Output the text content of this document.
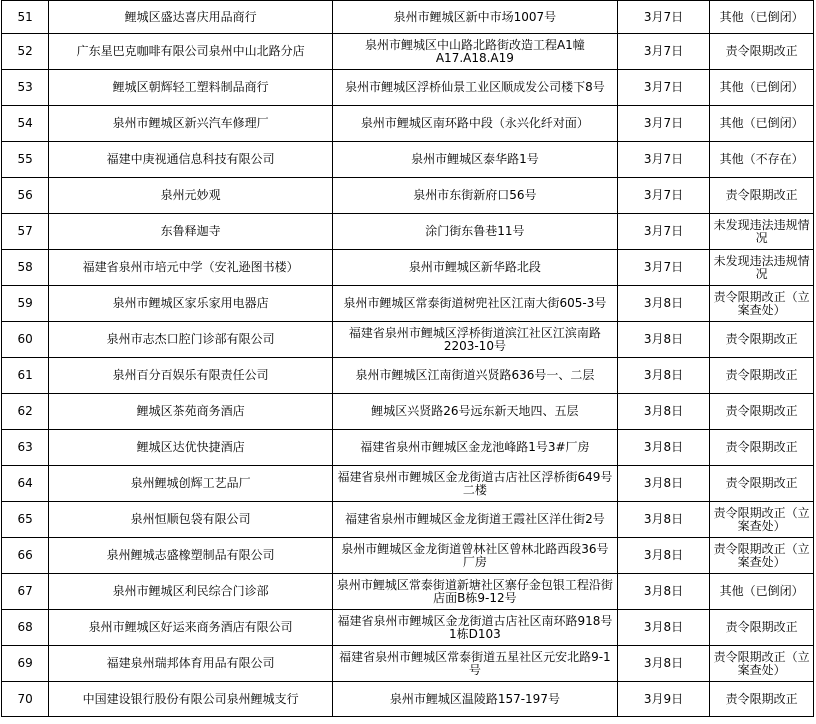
51	鲤城区盛达喜庆用品商行	泉州市鲤城区新中市场1007号	3月7日	其他（已倒闭）
52	广东星巴克咖啡有限公司泉州中山北路分店	泉州市鲤城区中山路北路街改造工程A1幢A17.A18.A19	3月7日	责令限期改正
53	鲤城区朝辉轻工塑料制品商行	泉州市鲤城区浮桥仙景工业区顺成发公司楼下8号	3月7日	其他（已倒闭）
54	泉州市鲤城区新兴汽车修理厂	泉州市鲤城区南环路中段（永兴化纤对面）	3月7日	其他（已倒闭）
55	福建中庚视通信息科技有限公司	泉州市鲤城区泰华路1号	3月7日	其他（不存在）
56	泉州元妙观	泉州市东街新府口56号	3月7日	责令限期改正
57	东鲁释迦寺	涂门街东鲁巷11号	3月7日	未发现违法违规情况
58	福建省泉州市培元中学（安礼逊图书楼）	泉州市鲤城区新华路北段	3月7日	未发现违法违规情况
59	泉州市鲤城区家乐家用电器店	泉州市鲤城区常泰街道树兜社区江南大街605-3号	3月8日	责令限期改正（立案查处）
60	泉州市志杰口腔门诊部有限公司	福建省泉州市鲤城区浮桥街道滨江社区江滨南路2203-10号	3月8日	责令限期改正
61	泉州百分百娱乐有限责任公司	泉州市鲤城区江南街道兴贤路636号一、二层	3月8日	责令限期改正
62	鲤城区茶苑商务酒店	鲤城区兴贤路26号远东新天地四、五层	3月8日	责令限期改正
63	鲤城区达优快捷酒店	福建省泉州市鲤城区金龙池峰路1号3#厂房	3月8日	责令限期改正
64	泉州鲤城创辉工艺品厂	福建省泉州市鲤城区金龙街道古店社区浮桥街649号二楼	3月8日	责令限期改正
65	泉州恒顺包袋有限公司	福建省泉州市鲤城区金龙街道王霞社区洋仕街2号	3月8日	责令限期改正（立案查处）
66	泉州鲤城志盛橡塑制品有限公司	泉州市鲤城区金龙街道曾林社区曾林北路西段36号厂房	3月8日	责令限期改正（立案查处）
67	泉州市鲤城区利民综合门诊部	泉州市鲤城区常泰街道新塘社区寨仔金包银工程沿街店面B栋9-12号	3月8日	其他（已倒闭）
68	泉州市鲤城区好运来商务酒店有限公司	福建省泉州市鲤城区金龙街道古店社区南环路918号1栋D103	3月8日	责令限期改正
69	福建泉州瑞邦体育用品有限公司	福建省泉州市鲤城区常泰街道五星社区元安北路9-1号	3月8日	责令限期改正（立案查处）
70	中国建设银行股份有限公司泉州鲤城支行	泉州市鲤城区温陵路157-197号	3月9日	责令限期改正
